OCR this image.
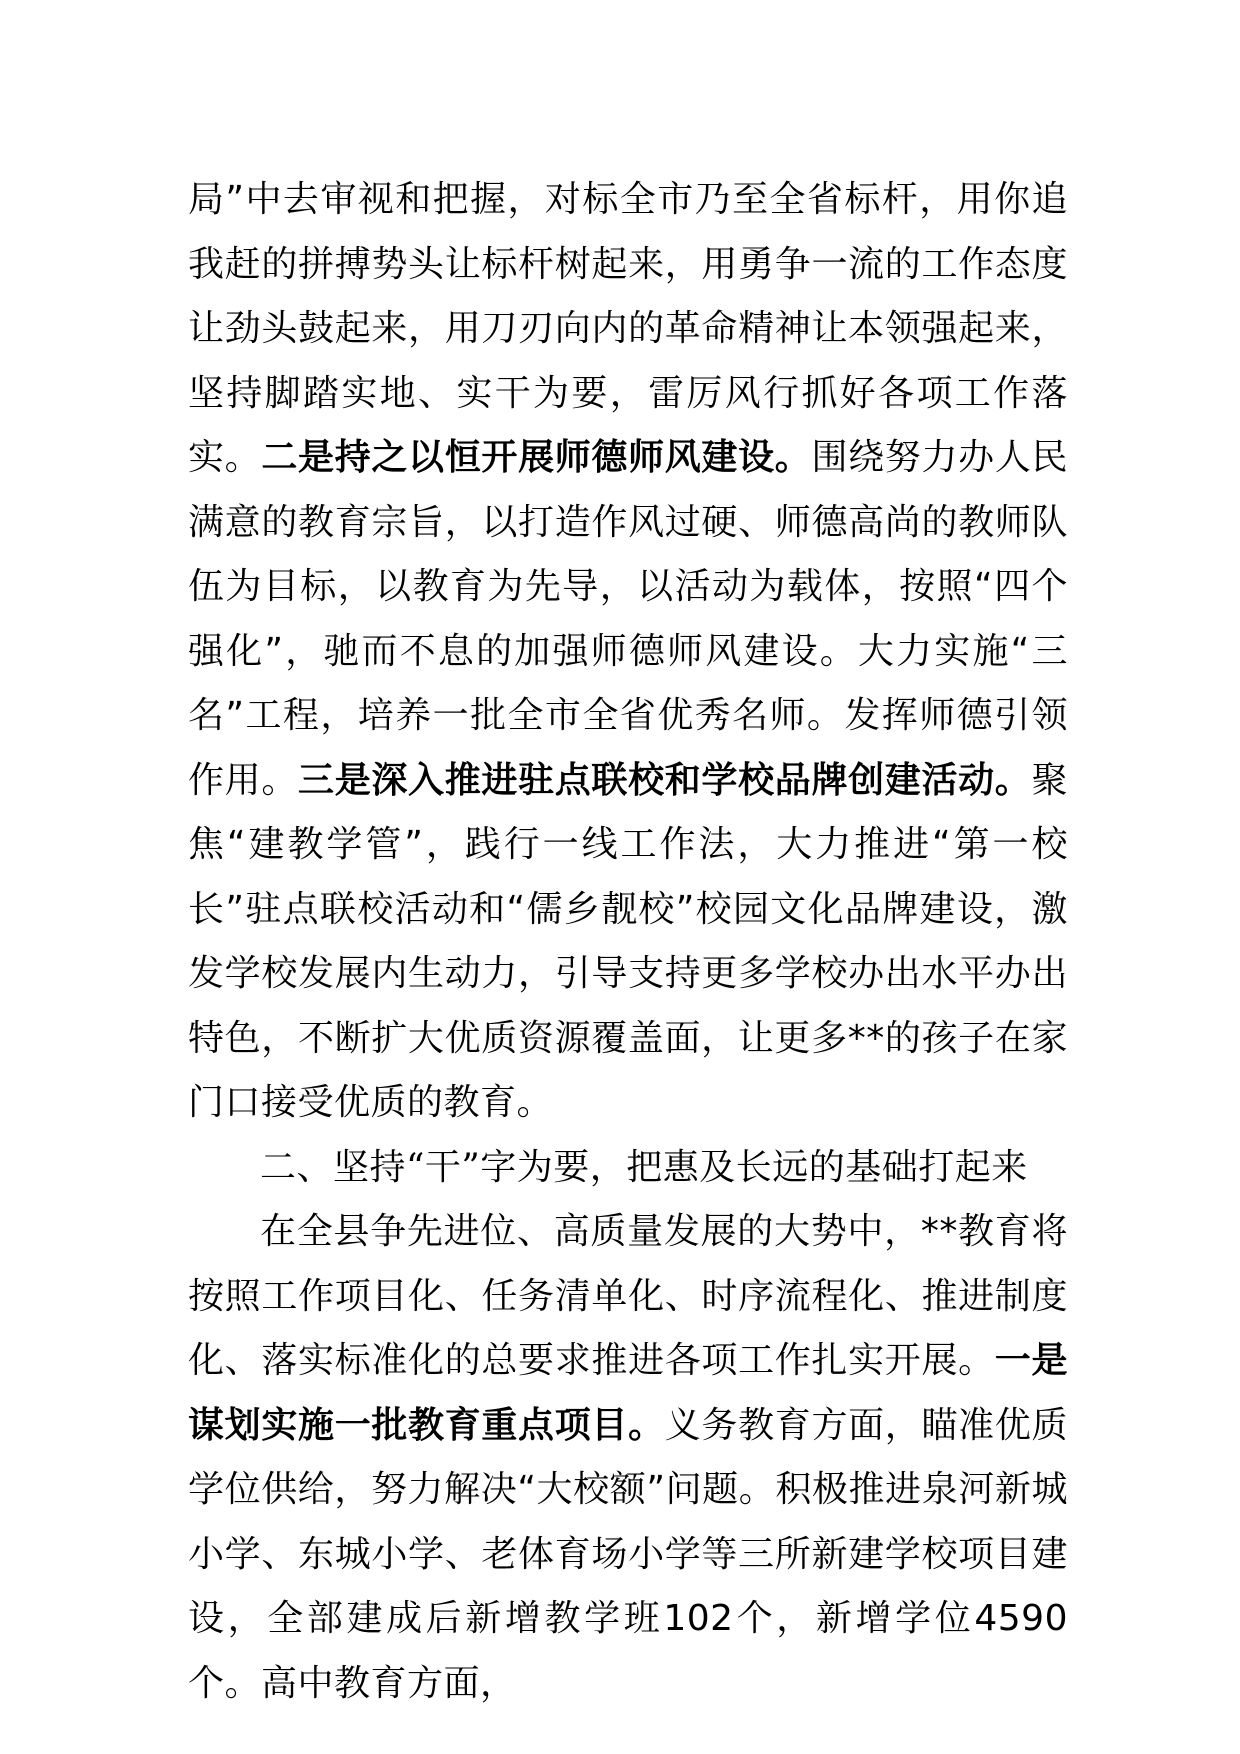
局”中去审视和把握，对标全市乃至全省标杆，用你追我赶的拼搏势头让标杆树起来，用勇争一流的工作态度让劲头鼓起来，用刀刃向内的革命精神让本领强起来，坚持脚踏实地、实干为要，雷厉风行抓好各项工作落实。二是持之以恒开展师德师风建设。围绕努力办人民满意的教育宗旨，以打造作风过硬、师德高尚的教师队伍为目标，以教育为先导，以活动为载体，按照“四个强化”，驰而不息的加强师德师风建设。大力实施“三名”工程，培养一批全市全省优秀名师。发挥师德引领作用。三是深入推进驻点联校和学校品牌创建活动。聚焦“建教学管”，践行一线工作法，大力推进“第一校长”驻点联校活动和“儒乡靓校”校园文化品牌建设，激发学校发展内生动力，引导支持更多学校办出水平办出特色，不断扩大优质资源覆盖面，让更多**的孩子在家门口接受优质的教育。

二、坚持“干”字为要，把惠及长远的基础打起来

在全县争先进位、高质量发展的大势中，**教育将按照工作项目化、任务清单化、时序流程化、推进制度化、落实标准化的总要求推进各项工作扎实开展。一是谋划实施一批教育重点项目。义务教育方面，瞄准优质学位供给，努力解决“大校额”问题。积极推进泉河新城小学、东城小学、老体育场小学等三所新建学校项目建设，全部建成后新增教学班102个，新增学位4590个。高中教育方面，
